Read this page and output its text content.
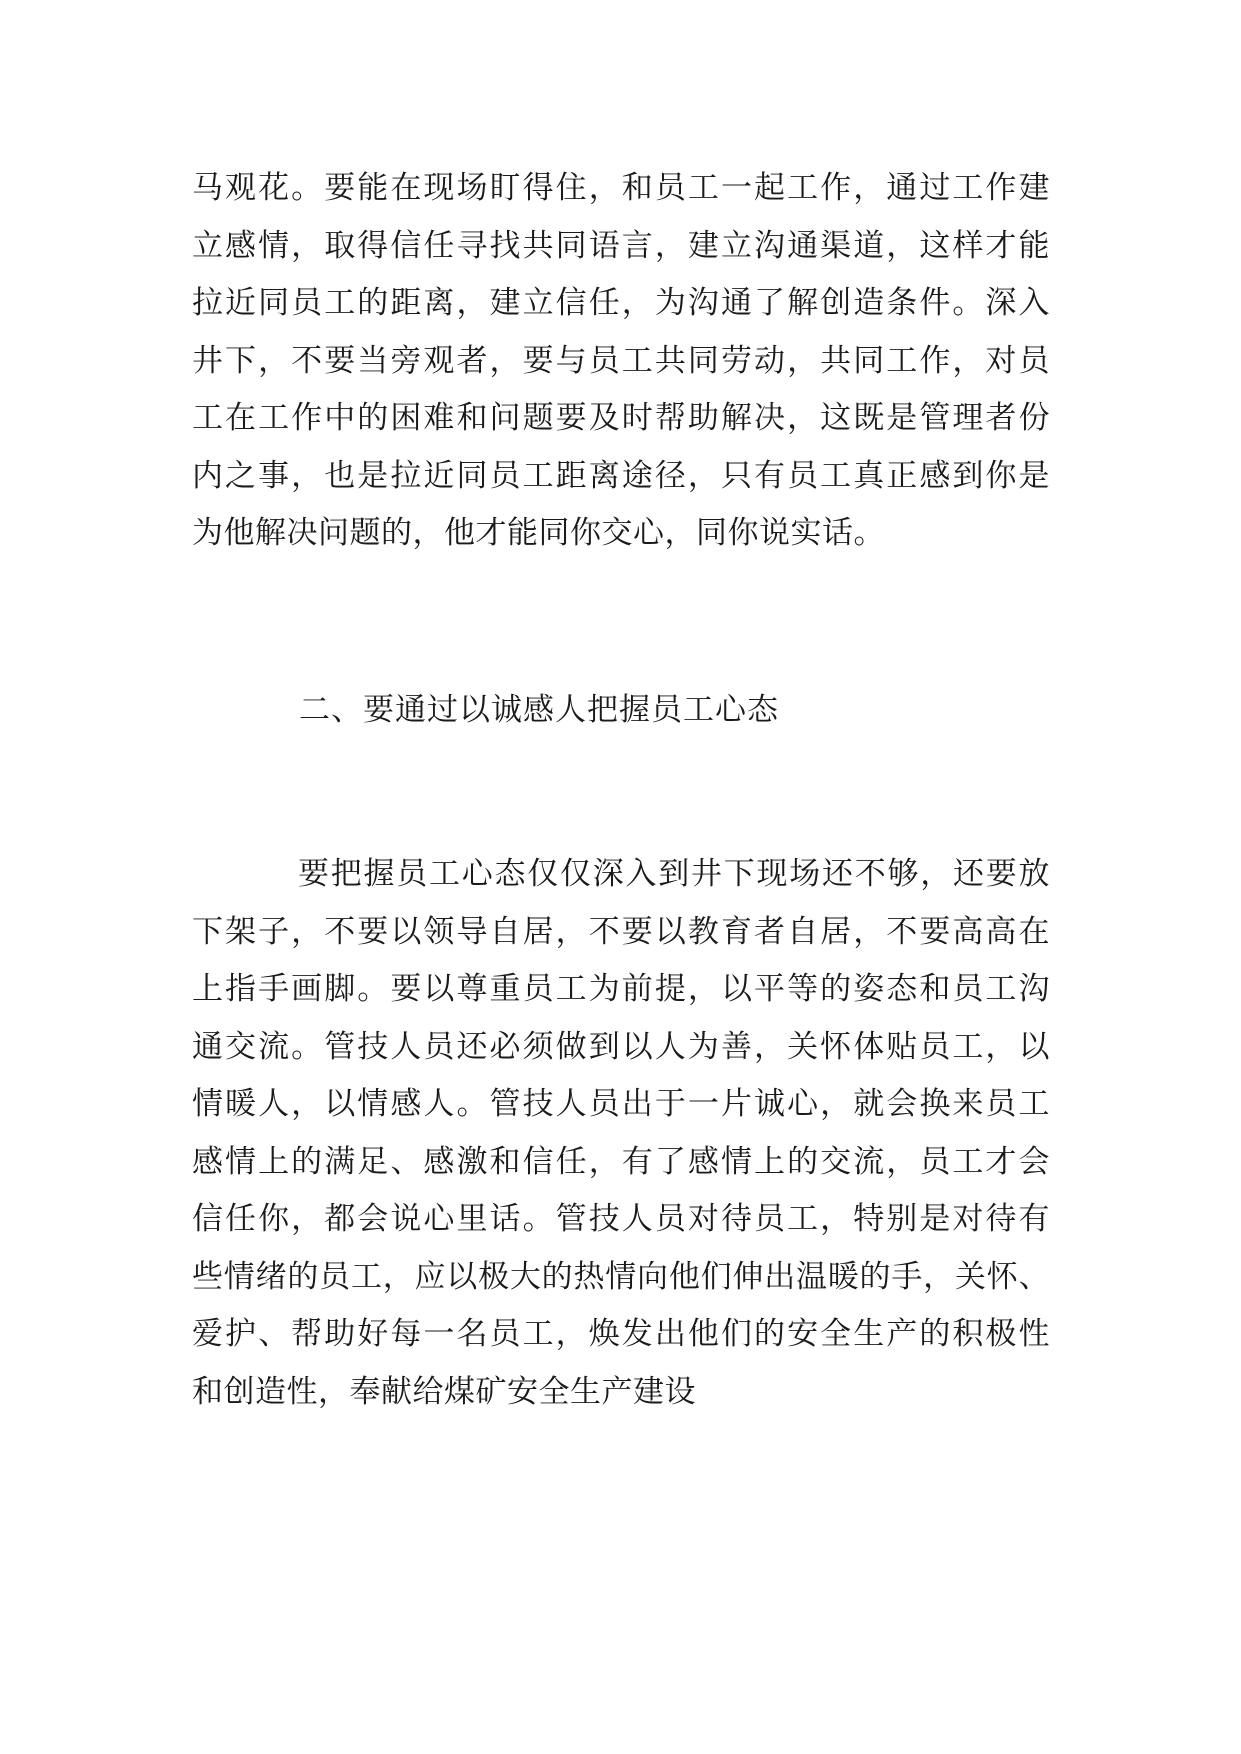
马观花。要能在现场盯得住，和员工一起工作，通过工作建
立感情，取得信任寻找共同语言，建立沟通渠道，这样才能
拉近同员工的距离，建立信任，为沟通了解创造条件。深入
井下，不要当旁观者，要与员工共同劳动，共同工作，对员
工在工作中的困难和问题要及时帮助解决，这既是管理者份
内之事，也是拉近同员工距离途径，只有员工真正感到你是
为他解决问题的，他才能同你交心，同你说实话。
二、要通过以诚感人把握员工心态
要把握员工心态仅仅深入到井下现场还不够，还要放
下架子，不要以领导自居，不要以教育者自居，不要高高在
上指手画脚。要以尊重员工为前提，以平等的姿态和员工沟
通交流。管技人员还必须做到以人为善，关怀体贴员工，以
情暖人，以情感人。管技人员出于一片诚心，就会换来员工
感情上的满足、感激和信任，有了感情上的交流，员工才会
信任你，都会说心里话。管技人员对待员工，特别是对待有
些情绪的员工，应以极大的热情向他们伸出温暖的手，关怀、
爱护、帮助好每一名员工，焕发出他们的安全生产的积极性
和创造性，奉献给煤矿安全生产建设
